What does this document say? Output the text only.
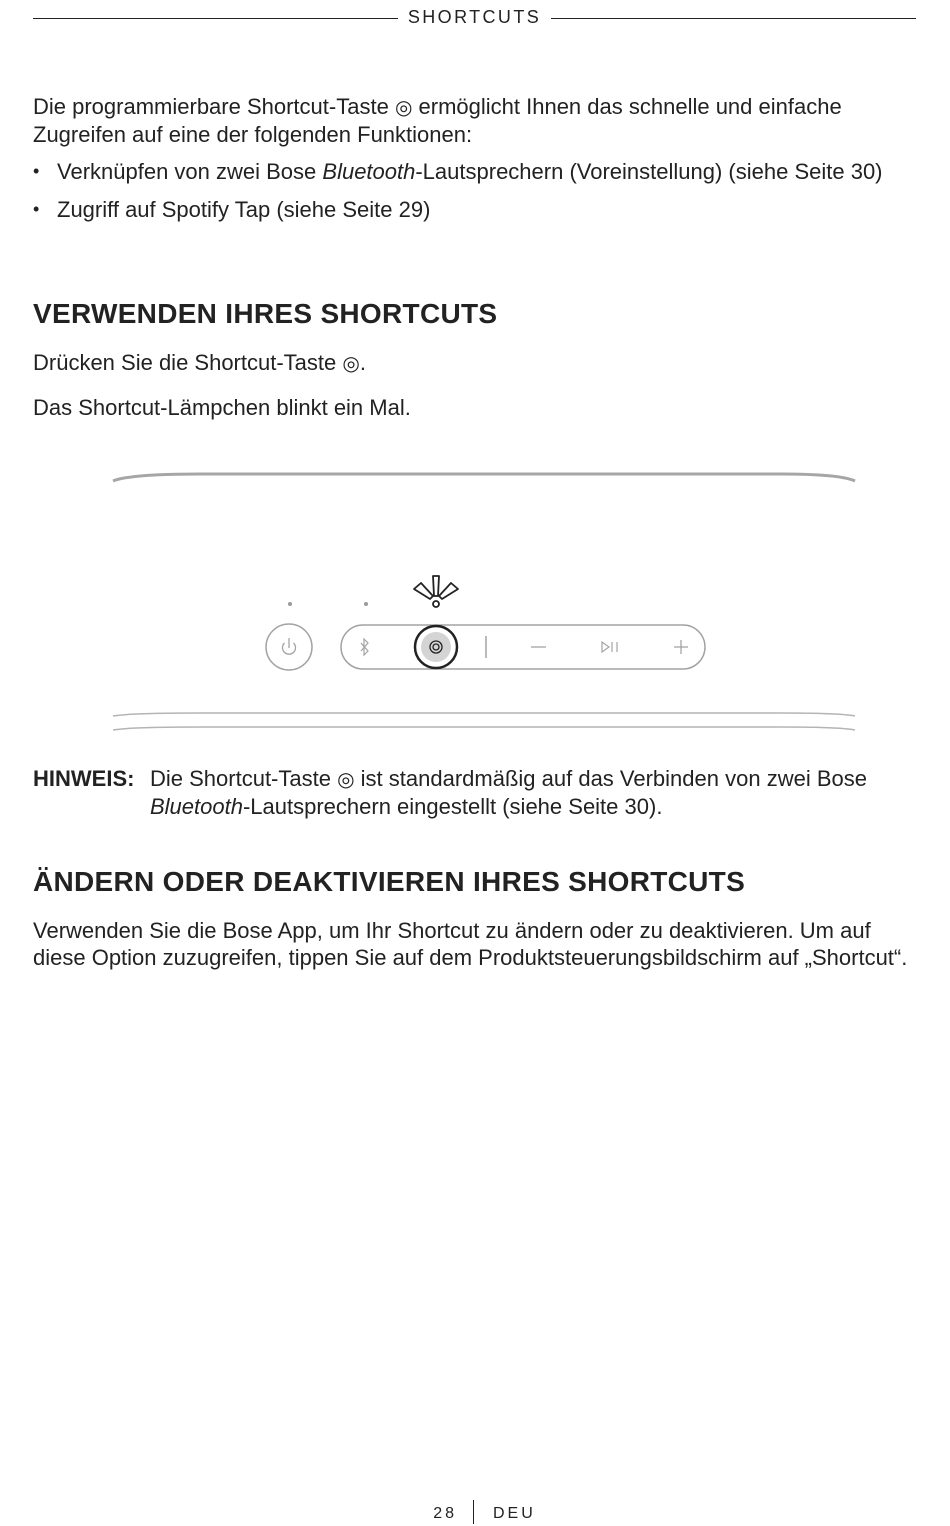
SHORTCUTS

Die programmierbare Shortcut-Taste ◎ ermöglicht Ihnen das schnelle und einfache Zugreifen auf eine der folgenden Funktionen:

• Verknüpfen von zwei Bose Bluetooth-Lautsprechern (Voreinstellung) (siehe Seite 30)
• Zugriff auf Spotify Tap (siehe Seite 29)
VERWENDEN IHRES SHORTCUTS

Drücken Sie die Shortcut-Taste ◎.

Das Shortcut-Lämpchen blinkt ein Mal.

HINWEIS: Die Shortcut-Taste ◎ ist standardmäßig auf das Verbinden von zwei Bose Bluetooth-Lautsprechern eingestellt (siehe Seite 30).
ÄNDERN ODER DEAKTIVIEREN IHRES SHORTCUTS

Verwenden Sie die Bose App, um Ihr Shortcut zu ändern oder zu deaktivieren. Um auf diese Option zuzugreifen, tippen Sie auf dem Produktsteuerungsbildschirm auf „Shortcut“.

28 DEU
